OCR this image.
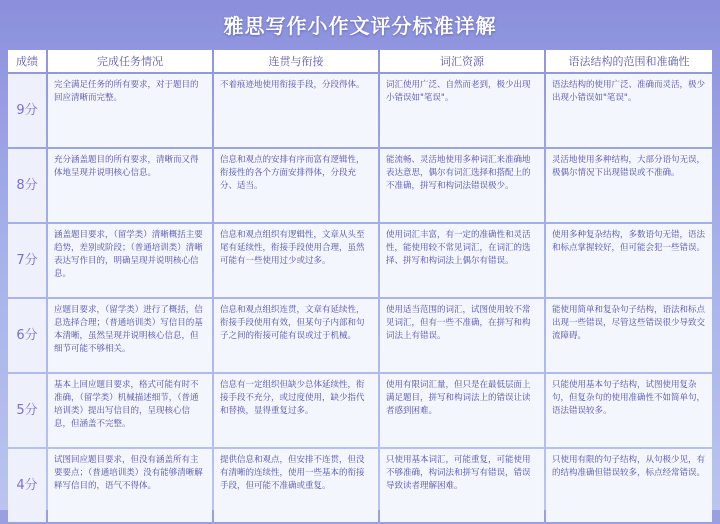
雅思写作小作文评分标准详解
成绩	完成任务情况	连贯与衔接	词汇资源	语法结构的范围和准确性
9分	完全满足任务的所有要求，对于题目的回应清晰而完整。	不着痕迹地使用衔接手段，分段得体。	词汇使用广泛、自然而老到，极少出现小错误如"笔误"。	语法结构的使用广泛、准确而灵活，极少出现小错误如"笔误"。
8分	充分涵盖题目的所有要求，清晰而又得体地呈现并说明核心信息。	信息和观点的安排有序而富有逻辑性，衔接性的各个方面安排得体，分段充分、适当。	能流畅、灵活地使用多种词汇来准确地表达意思，偶尔有词汇选择和搭配上的不准确，拼写和构词法错误极少。	灵活地使用多种结构，大部分语句无误，极偶尔情况下出现错误或不准确。
7分	涵盖题目要求，（留学类）清晰概括主要趋势，差别或阶段；（普通培训类）清晰表达写作目的，明确呈现并说明核心信息。	信息和观点组织有逻辑性，文章从头至尾有延续性，衔接手段使用合理，虽然可能有一些使用过少或过多。	使用词汇丰富，有一定的准确性和灵活性，能使用较不常见词汇，在词汇的选择、拼写和构词法上偶尔有错误。	使用多种复杂结构，多数语句无错，语法和标点掌握较好，但可能会犯一些错误。
6分	应题目要求，（留学类）进行了概括，信息选择合理；（普通培训类）写信目的基本清晰，虽然呈现并说明核心信息，但细节可能不够相关。	信息和观点组织连贯，文章有延续性，衔接手段使用有效，但某句子内部和句子之间的衔接可能有误或过于机械。	使用适当范围的词汇，试图使用较不常见词汇，但有一些不准确，在拼写和构词法上有错误。	能使用简单和复杂句子结构，语法和标点出现一些错误，尽管这些错误很少导致交流障碍。
5分	基本上回应题目要求，格式可能有时不准确，（留学类）机械描述细节，（普通培训类）提出写信目的，呈现核心信息，但涵盖不完整。	信息有一定组织但缺少总体延续性，衔接手段不充分，或过度使用，缺少指代和替换，显得重复过多。	使用有限词汇量，但只是在最低层面上满足题目，拼写和构词法上的错误让读者感到困难。	只能使用基本句子结构，试图使用复杂句，但复杂句的使用准确性不如简单句，语法错误较多。
4分	试图回应题目要求，但没有涵盖所有主要要点；（普通培训类）没有能够清晰解释写信目的，语气不得体。	提供信息和观点，但安排不连贯，但没有清晰的连续性，使用一些基本的衔接手段，但可能不准确或重复。	只使用基本词汇，可能重复，可能使用不够准确，构词法和拼写有错误，错误导致读者理解困难。	只使用有限的句子结构，从句极少见，有的结构准确但错误较多，标点经常错误。
